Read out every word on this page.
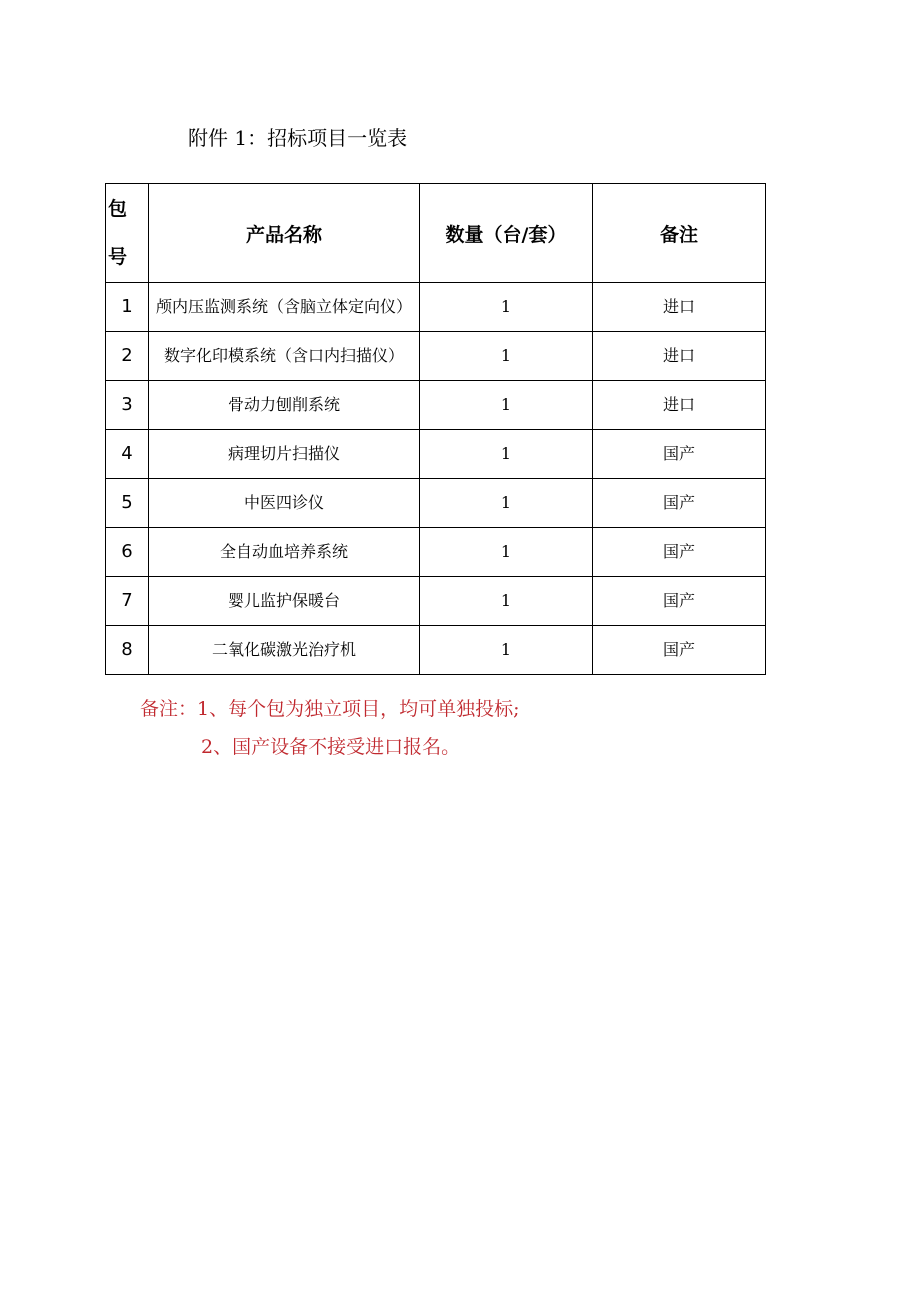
附件 1：招标项目一览表
包号	产品名称	数量（台/套）	备注
1	颅内压监测系统（含脑立体定向仪）	1	进口
2	数字化印模系统（含口内扫描仪）	1	进口
3	骨动力刨削系统	1	进口
4	病理切片扫描仪	1	国产
5	中医四诊仪	1	国产
6	全自动血培养系统	1	国产
7	婴儿监护保暖台	1	国产
8	二氧化碳激光治疗机	1	国产
备注：1、每个包为独立项目，均可单独投标;
2、国产设备不接受进口报名。
